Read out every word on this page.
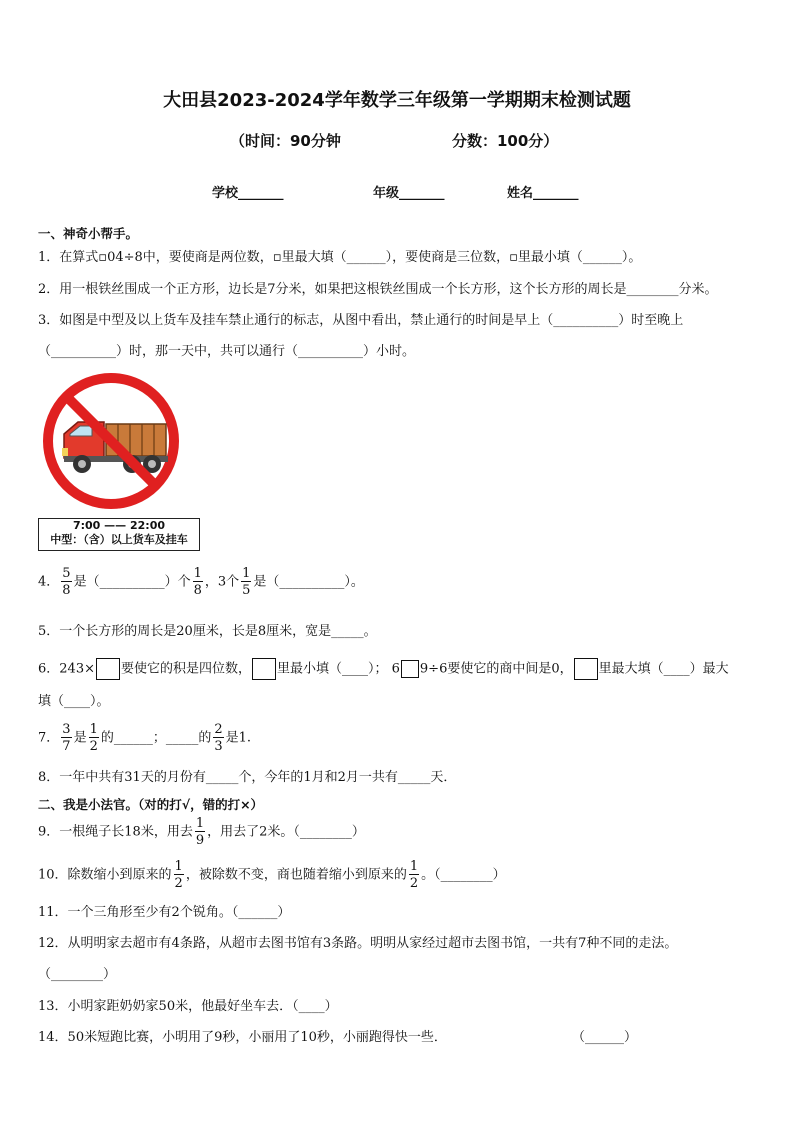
大田县2023-2024学年数学三年级第一学期期末检测试题
（时间：90分钟	分数：100分）
学校_______	年级_______	姓名_______
一、神奇小帮手。
1．在算式▫04÷8中，要使商是两位数，▫里最大填（______），要使商是三位数，▫里最小填（______）。
2．用一根铁丝围成一个正方形，边长是7分米，如果把这根铁丝围成一个长方形，这个长方形的周长是________分米。
3．如图是中型及以上货车及挂车禁止通行的标志，从图中看出，禁止通行的时间是早上（__________）时至晚上
（__________）时，那一天中，共可以通行（__________）小时。
7:00 —— 22:00
中型：（含）以上货车及挂车
4． $\frac{5}{8}$ 是（__________）个 $\frac{1}{8}$ ，3个 $\frac{1}{5}$ 是（__________）。
5．一个长方形的周长是20厘米，长是8厘米，宽是_____。
6．243× 要使它的积是四位数， 里最小填（____）； 6 9÷6要使它的商中间是0， 里最大填（____）最大
填（____）。
7． $\frac{3}{7}$ 是 $\frac{1}{2}$ 的______；_____的 $\frac{2}{3}$ 是1.
8．一年中共有31天的月份有_____个，今年的1月和2月一共有_____天．
二、我是小法官。（对的打√，错的打×）
9．一根绳子长18米，用去 $\frac{1}{9}$ ，用去了2米。（________）
10．除数缩小到原来的 $\frac{1}{2}$ ，被除数不变，商也随着缩小到原来的 $\frac{1}{2}$ 。（________）
11．一个三角形至少有2个锐角。（______）
12．从明明家去超市有4条路，从超市去图书馆有3条路。明明从家经过超市去图书馆，一共有7种不同的走法。
（________）
13．小明家距奶奶家50米，他最好坐车去．（____）
14．50米短跑比赛，小明用了9秒，小丽用了10秒，小丽跑得快一些．	（______）
